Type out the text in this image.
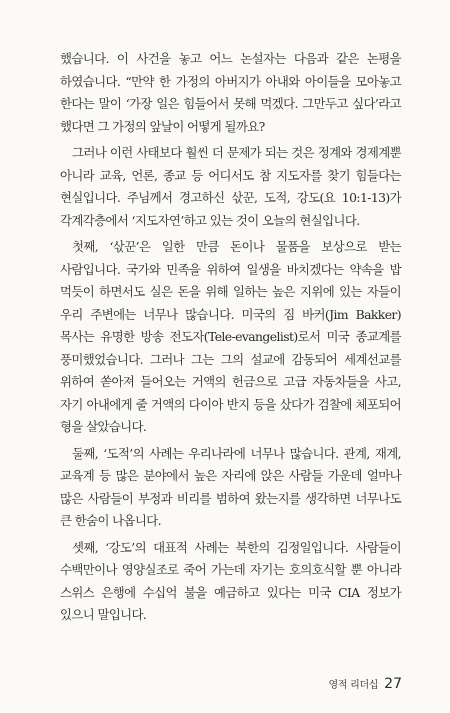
했습니다. 이 사건을 놓고 어느 논설자는 다음과 같은 논평을 하였습니다. “만약 한 가정의 아버지가 아내와 아이들을 모아놓고 한다는 말이 ‘가장 일은 힘들어서 못해 먹겠다. 그만두고 싶다’라고 했다면 그 가정의 앞날이 어떻게 될까요?

그러나 이런 사태보다 훨씬 더 문제가 되는 것은 정계와 경제계뿐 아니라 교육, 언론, 종교 등 어디서도 참 지도자를 찾기 힘들다는 현실입니다. 주님께서 경고하신 삯꾼, 도적, 강도(요 10:1-13)가 각계각층에서 ‘지도자연’하고 있는 것이 오늘의 현실입니다.

첫째, ‘삯꾼’은 일한 만큼 돈이나 물품을 보상으로 받는 사람입니다. 국가와 민족을 위하여 일생을 바치겠다는 약속을 밥 먹듯이 하면서도 실은 돈을 위해 일하는 높은 지위에 있는 자들이 우리 주변에는 너무나 많습니다. 미국의 짐 바커(Jim Bakker) 목사는 유명한 방송 전도자(Tele-evangelist)로서 미국 종교계를 풍미했었습니다. 그러나 그는 그의 설교에 감동되어 세계선교를 위하여 쏟아져 들어오는 거액의 헌금으로 고급 자동차들을 사고, 자기 아내에게 줄 거액의 다이아 반지 등을 샀다가 검찰에 체포되어 형을 살았습니다.

둘째, ‘도적’의 사례는 우리나라에 너무나 많습니다. 관계, 재계, 교육계 등 많은 분야에서 높은 자리에 앉은 사람들 가운데 얼마나 많은 사람들이 부정과 비리를 범하여 왔는지를 생각하면 너무나도 큰 한숨이 나옵니다.

셋째, ‘강도’의 대표적 사례는 북한의 김정일입니다. 사람들이 수백만이나 영양실조로 죽어 가는데 자기는 호의호식할 뿐 아니라 스위스 은행에 수십억 불을 예금하고 있다는 미국 CIA 정보가 있으니 말입니다.

영적 리더십 27
